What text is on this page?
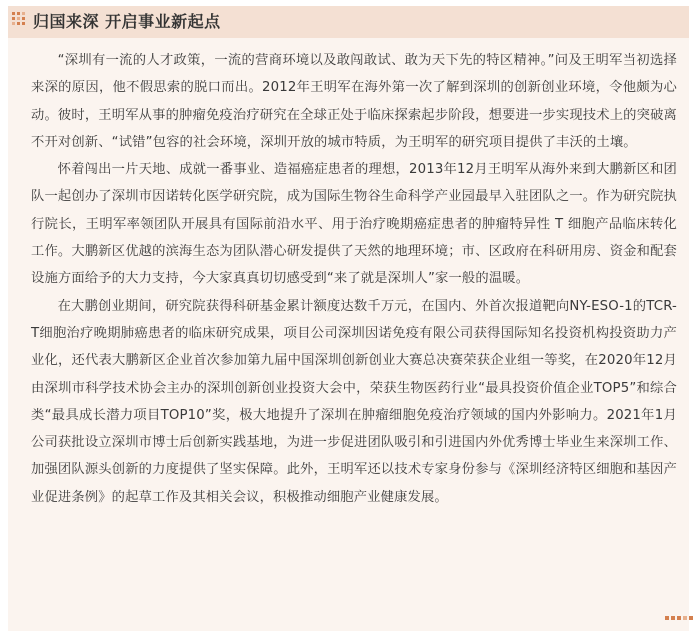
归国来深 开启事业新起点

“深圳有一流的人才政策，一流的营商环境以及敢闯敢试、敢为天下先的特区精神。”问及王明军当初选择来深的原因，他不假思索的脱口而出。2012年王明军在海外第一次了解到深圳的创新创业环境，令他颇为心动。彼时，王明军从事的肿瘤免疫治疗研究在全球正处于临床探索起步阶段，想要进一步实现技术上的突破离不开对创新、“试错”包容的社会环境，深圳开放的城市特质，为王明军的研究项目提供了丰沃的土壤。

怀着闯出一片天地、成就一番事业、造福癌症患者的理想，2013年12月王明军从海外来到大鹏新区和团队一起创办了深圳市因诺转化医学研究院，成为国际生物谷生命科学产业园最早入驻团队之一。作为研究院执行院长，王明军率领团队开展具有国际前沿水平、用于治疗晚期癌症患者的肿瘤特异性 T 细胞产品临床转化工作。大鹏新区优越的滨海生态为团队潜心研发提供了天然的地理环境；市、区政府在科研用房、资金和配套设施方面给予的大力支持，今大家真真切切感受到“来了就是深圳人”家一般的温暖。

在大鹏创业期间，研究院获得科研基金累计额度达数千万元，在国内、外首次报道靶向NY-ESO-1的TCR-T细胞治疗晚期肺癌患者的临床研究成果，项目公司深圳因诺免疫有限公司获得国际知名投资机构投资助力产业化，还代表大鹏新区企业首次参加第九届中国深圳创新创业大赛总决赛荣获企业组一等奖，在2020年12月由深圳市科学技术协会主办的深圳创新创业投资大会中，荣获生物医药行业“最具投资价值企业TOP5”和综合类“最具成长潜力项目TOP10”奖，极大地提升了深圳在肿瘤细胞免疫治疗领域的国内外影响力。2021年1月公司获批设立深圳市博士后创新实践基地，为进一步促进团队吸引和引进国内外优秀博士毕业生来深圳工作、加强团队源头创新的力度提供了坚实保障。此外，王明军还以技术专家身份参与《深圳经济特区细胞和基因产业促进条例》的起草工作及其相关会议，积极推动细胞产业健康发展。
